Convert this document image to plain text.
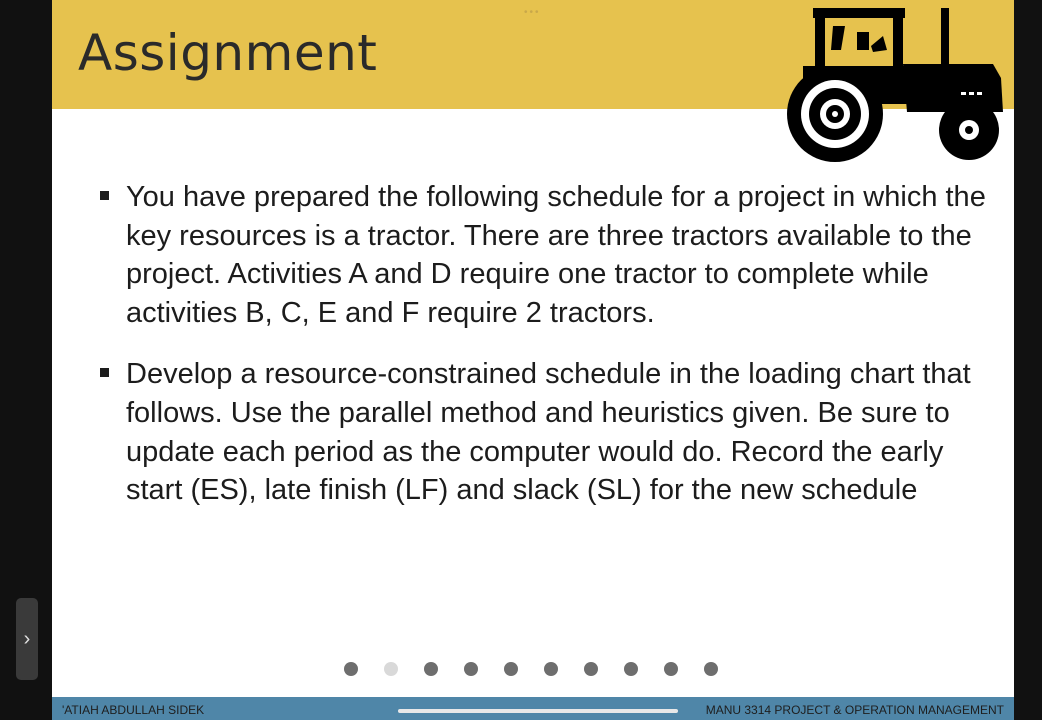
Assignment
•••
You have prepared the following schedule for a project in which the key resources is a tractor. There are three tractors available to the project. Activities A and D require one tractor to complete while activities B, C, E and F require 2 tractors.
Develop a resource-constrained schedule in the loading chart that follows. Use the parallel method and heuristics given. Be sure to update each period as the computer would do. Record the early start (ES), late finish (LF) and slack (SL) for the new schedule
'ATIAH ABDULLAH SIDEK	MANU 3314 PROJECT & OPERATION MANAGEMENT
›
